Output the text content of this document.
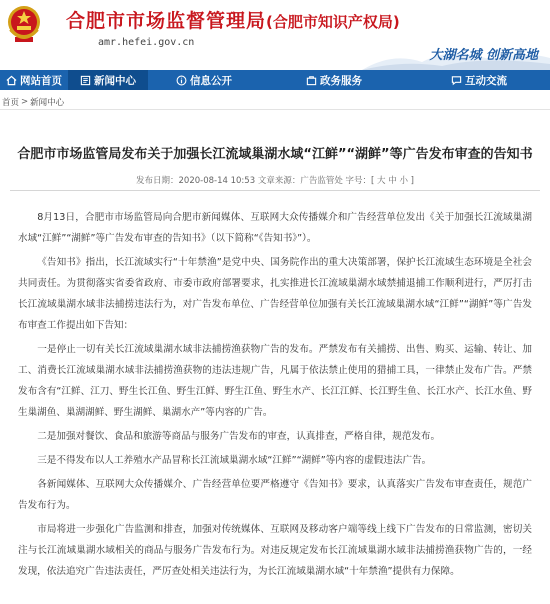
合肥市市场监督管理局(合肥市知识产权局)
amr.hefei.gov.cn
大湖名城 创新高地
网站首页	新闻中心	信息公开	政务服务	互动交流
首页 > 新闻中心
合肥市市场监管局发布关于加强长江流域巢湖水域“江鲜”“湖鲜”等广告发布审查的告知书
发布日期：2020-08-14 10:53 文章来源：广告监管处 字号：[ 大 中 小 ]

8月13日，合肥市市场监管局向合肥市新闻媒体、互联网大众传播媒介和广告经营单位发出《关于加强长江流域巢湖水域“江鲜”“湖鲜”等广告发布审查的告知书》（以下简称“《告知书》”）。

《告知书》指出，长江流域实行“十年禁渔”是党中央、国务院作出的重大决策部署，保护长江流域生态环境是全社会共同责任。为贯彻落实省委省政府、市委市政府部署要求，扎实推进长江流域巢湖水域禁捕退捕工作顺利进行，严厉打击长江流域巢湖水域非法捕捞违法行为，对广告发布单位、广告经营单位加强有关长江流域巢湖水域“江鲜”“湖鲜”等广告发布审查工作提出如下告知：

一是停止一切有关长江流域巢湖水域非法捕捞渔获物广告的发布。严禁发布有关捕捞、出售、购买、运输、转让、加工、消费长江流域巢湖水域非法捕捞渔获物的违法违规广告，凡属于依法禁止使用的猎捕工具，一律禁止发布广告。严禁发布含有“江鲜、江刀、野生长江鱼、野生江鲜、野生江鱼、野生水产、长江江鲜、长江野生鱼、长江水产、长江水鱼、野生巢湖鱼、巢湖湖鲜、野生湖鲜、巢湖水产”等内容的广告。

二是加强对餐饮、食品和旅游等商品与服务广告发布的审查，认真排查，严格自律，规范发布。

三是不得发布以人工养殖水产品冒称长江流域巢湖水域“江鲜”“湖鲜”等内容的虚假违法广告。

各新闻媒体、互联网大众传播媒介、广告经营单位要严格遵守《告知书》要求，认真落实广告发布审查责任，规范广告发布行为。

市局将进一步强化广告监测和排查，加强对传统媒体、互联网及移动客户端等线上线下广告发布的日常监测，密切关注与长江流域巢湖水域相关的商品与服务广告发布行为。对违反规定发布长江流域巢湖水域非法捕捞渔获物广告的，一经发现，依法追究广告违法责任，严厉查处相关违法行为，为长江流域巢湖水域“十年禁渔”提供有力保障。
